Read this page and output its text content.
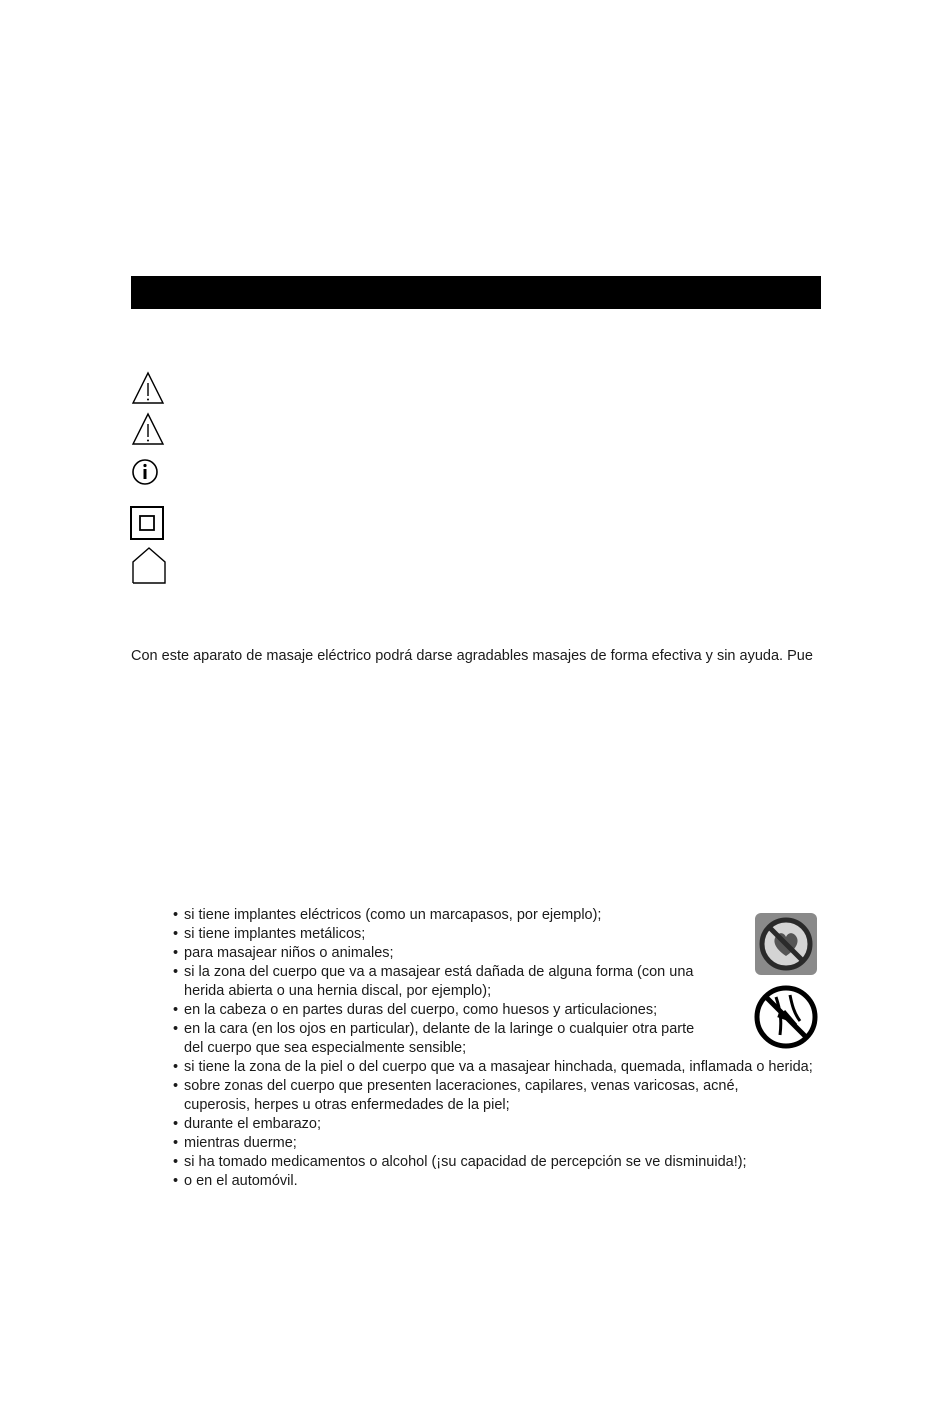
Con este aparato de masaje eléctrico podrá darse agradables masajes de forma efectiva y sin ayuda. Pue
• si tiene implantes eléctricos (como un marcapasos, por ejemplo);
• si tiene implantes metálicos;
• para masajear niños o animales;
• si la zona del cuerpo que va a masajear está dañada de alguna forma (con una herida abierta o una hernia discal, por ejemplo);
• en la cabeza o en partes duras del cuerpo, como huesos y articulaciones;
• en la cara (en los ojos en particular), delante de la laringe o cualquier otra parte del cuerpo que sea especialmente sensible;
• si tiene la zona de la piel o del cuerpo que va a masajear hinchada, quemada, inflamada o herida;
• sobre zonas del cuerpo que presenten laceraciones, capilares, venas varicosas, acné, cuperosis, herpes u otras enfermedades de la piel;
• durante el embarazo;
• mientras duerme;
• si ha tomado medicamentos o alcohol (¡su capacidad de percepción se ve disminuida!);
• o en el automóvil.
